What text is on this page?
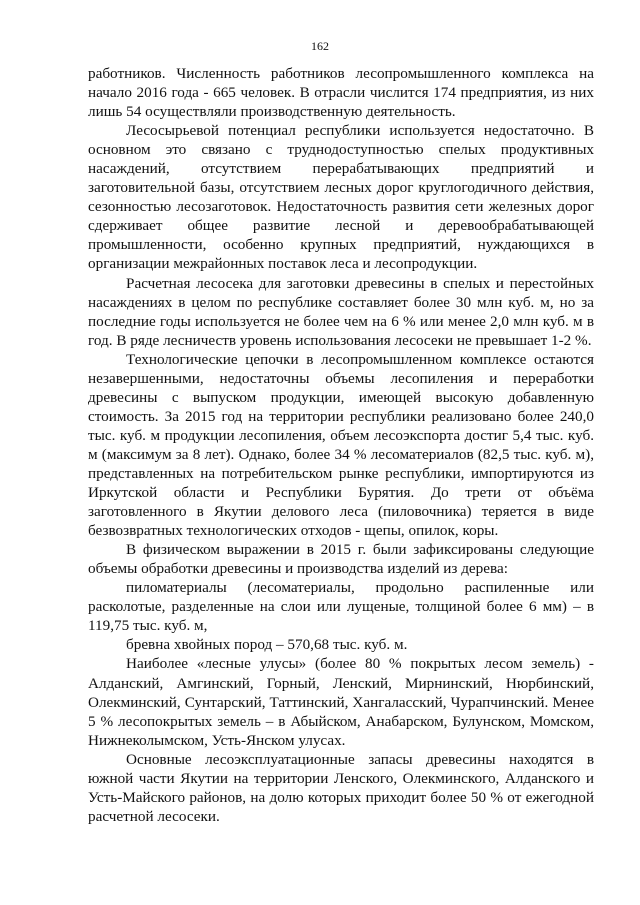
162

работников. Численность работников лесопромышленного комплекса на начало 2016 года - 665 человек. В отрасли числится 174 предприятия, из них лишь 54 осуществляли производственную деятельность.

Лесосырьевой потенциал республики используется недостаточно. В основном это связано с труднодоступностью спелых продуктивных насаждений, отсутствием перерабатывающих предприятий и заготовительной базы, отсутствием лесных дорог круглогодичного действия, сезонностью лесозаготовок. Недостаточность развития сети железных дорог сдерживает общее развитие лесной и деревообрабатывающей промышленности, особенно крупных предприятий, нуждающихся в организации межрайонных поставок леса и лесопродукции.

Расчетная лесосека для заготовки древесины в спелых и перестойных насаждениях в целом по республике составляет более 30 млн куб. м, но за последние годы используется не более чем на 6 % или менее 2,0 млн куб. м в год. В ряде лесничеств уровень использования лесосеки не превышает 1-2 %.

Технологические цепочки в лесопромышленном комплексе остаются незавершенными, недостаточны объемы лесопиления и переработки древесины с выпуском продукции, имеющей высокую добавленную стоимость. За 2015 год на территории республики реализовано более 240,0 тыс. куб. м продукции лесопиления, объем лесоэкспорта достиг 5,4 тыс. куб. м (максимум за 8 лет). Однако, более 34 % лесоматериалов (82,5 тыс. куб. м), представленных на потребительском рынке республики, импортируются из Иркутской области и Республики Бурятия. До трети от объёма заготовленного в Якутии делового леса (пиловочника) теряется в виде безвозвратных технологических отходов - щепы, опилок, коры.

В физическом выражении в 2015 г. были зафиксированы следующие объемы обработки древесины и производства изделий из дерева:

пиломатериалы (лесоматериалы, продольно распиленные или расколотые, разделенные на слои или лущеные, толщиной более 6 мм) – в 119,75 тыс. куб. м,

бревна хвойных пород – 570,68 тыс. куб. м.

Наиболее «лесные улусы» (более 80 % покрытых лесом земель) - Алданский, Амгинский, Горный, Ленский, Мирнинский, Нюрбинский, Олекминский, Сунтарский, Таттинский, Хангаласский, Чурапчинский. Менее 5 % лесопокрытых земель – в Абыйском, Анабарском, Булунском, Момском, Нижнеколымском, Усть-Янском улусах.

Основные лесоэксплуатационные запасы древесины находятся в южной части Якутии на территории Ленского, Олекминского, Алданского и Усть-Майского районов, на долю которых приходит более 50 % от ежегодной расчетной лесосеки.
